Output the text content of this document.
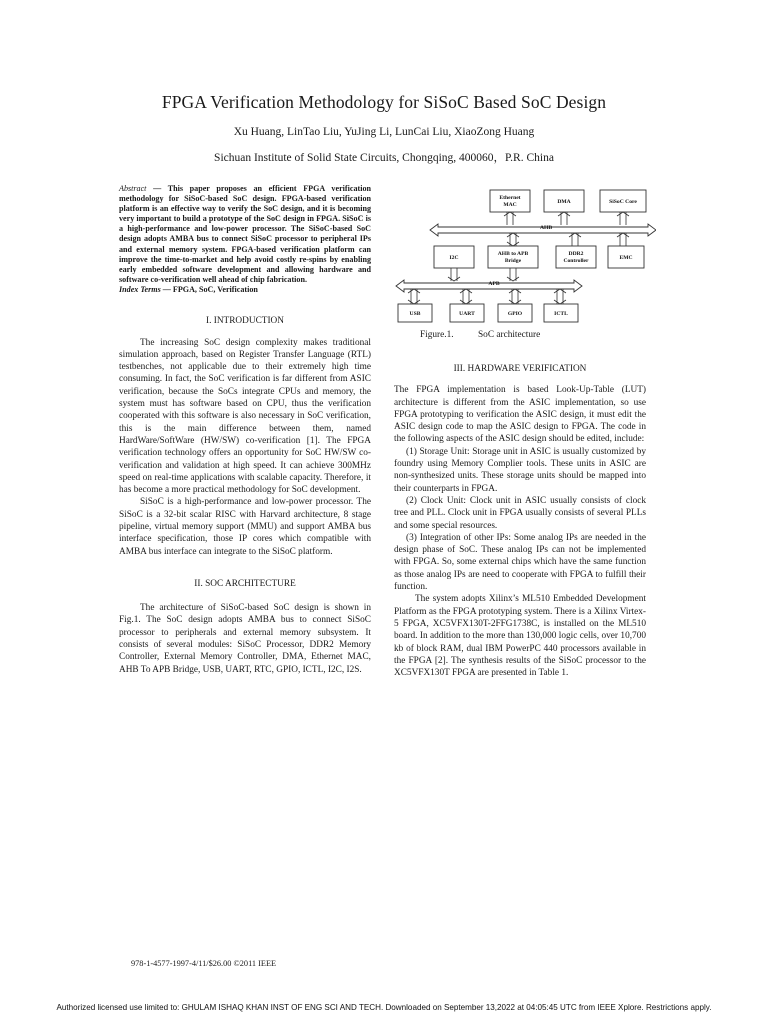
FPGA Verification Methodology for SiSoC Based SoC Design
Xu Huang, LinTao Liu, YuJing Li, LunCai Liu, XiaoZong Huang
Sichuan Institute of Solid State Circuits, Chongqing, 400060，P.R. China

Abstract — This paper proposes an efficient FPGA verification methodology for SiSoC-based SoC design. FPGA-based verification platform is an effective way to verify the SoC design, and it is becoming very important to build a prototype of the SoC design in FPGA. SiSoC is a high-performance and low-power processor. The SiSoC-based SoC design adopts AMBA bus to connect SiSoC processor to peripheral IPs and external memory system. FPGA-based verification platform can improve the time-to-market and help avoid costly re-spins by enabling early embedded software development and allowing hardware and software co-verification well ahead of chip fabrication.

Index Terms — FPGA, SoC, Verification

I. INTRODUCTION

The increasing SoC design complexity makes traditional simulation approach, based on Register Transfer Language (RTL) testbenches, not applicable due to their extremely high time consuming. In fact, the SoC verification is far different from ASIC verification, because the SoCs integrate CPUs and memory, the system must has software based on CPU, thus the verification cooperated with this software is also necessary in SoC verification, this is the main difference between them, named HardWare/SoftWare (HW/SW) co-verification [1]. The FPGA verification technology offers an opportunity for SoC HW/SW co-verification and validation at high speed. It can achieve 300MHz speed on real-time applications with scalable capacity. Therefore, it has become a more practical methodology for SoC development.

SiSoC is a high-performance and low-power processor. The SiSoC is a 32-bit scalar RISC with Harvard architecture, 8 stage pipeline, virtual memory support (MMU) and support AMBA bus interface specification, those IP cores which compatible with AMBA bus interface can integrate to the SiSoC platform.

II. SOC ARCHITECTURE

The architecture of SiSoC-based SoC design is shown in Fig.1. The SoC design adopts AMBA bus to connect SiSoC processor to peripherals and external memory subsystem. It consists of several modules: SiSoC Processor, DDR2 Memory Controller, External Memory Controller, DMA, Ethernet MAC, AHB To APB Bridge, USB, UART, RTC, GPIO, ICTL, I2C, I2S.

Ethernet
MAC	DMA	SiSoC Core
AHB
I2C
AHB to APB
Bridge
DDR2
Controller	EMC
APB
USB	UART	GPIO	ICTL
Figure.1.	SoC architecture
III. HARDWARE VERIFICATION

The FPGA implementation is based Look-Up-Table (LUT) architecture is different from the ASIC implementation, so use FPGA prototyping to verification the ASIC design, it must edit the ASIC design code to map the ASIC design to FPGA. The code in the following aspects of the ASIC design should be edited, include:

(1) Storage Unit: Storage unit in ASIC is usually customized by foundry using Memory Complier tools. These units in ASIC are non-synthesized units. These storage units should be mapped into their counterparts in FPGA.

(2) Clock Unit: Clock unit in ASIC usually consists of clock tree and PLL. Clock unit in FPGA usually consists of several PLLs and some special resources.

(3) Integration of other IPs: Some analog IPs are needed in the design phase of SoC. These analog IPs can not be implemented with FPGA. So, some external chips which have the same function as those analog IPs are need to cooperate with FPGA to fulfill their function.

The system adopts Xilinx’s ML510 Embedded Development Platform as the FPGA prototyping system. There is a Xilinx Virtex-5 FPGA, XC5VFX130T-2FFG1738C, is installed on the ML510 board. In addition to the more than 130,000 logic cells, over 10,700 kb of block RAM, dual IBM PowerPC 440 processors available in the FPGA [2]. The synthesis results of the SiSoC processor to the XC5VFX130T FPGA are presented in Table 1.

978-1-4577-1997-4/11/$26.00 ©2011 IEEE
Authorized licensed use limited to: GHULAM ISHAQ KHAN INST OF ENG SCI AND TECH. Downloaded on September 13,2022 at 04:05:45 UTC from IEEE Xplore. Restrictions apply.
